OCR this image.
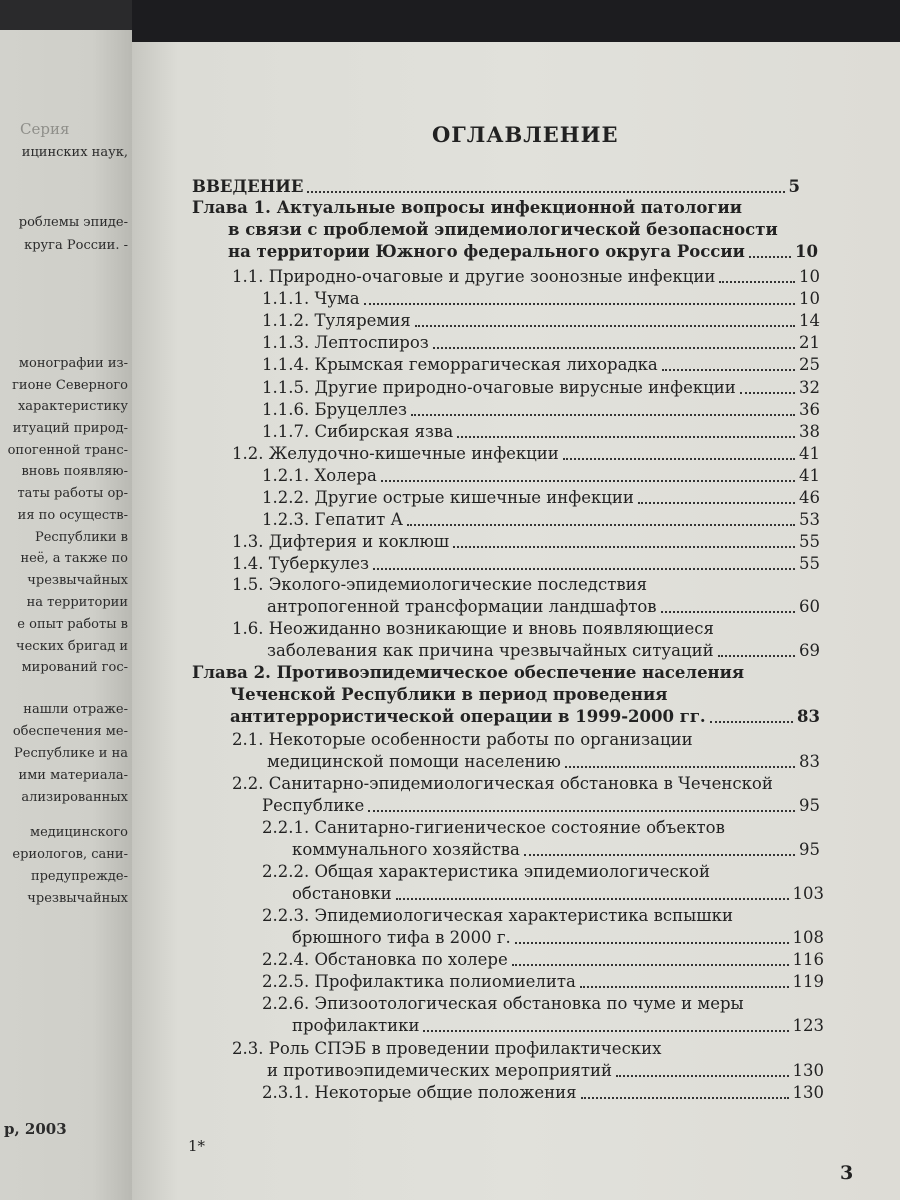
Серия
ицинских наук,
роблемы эпиде-
круга России. -
монографии из-
гионе Северного
характеристику
итуаций природ-
опогенной транс-
вновь появляю-
таты работы ор-
ия по осуществ-
Республики в
неё, а также по
чрезвычайных
на территории
е опыт работы в
ческих бригад и
мирований гос-
нашли отраже-
обеспечения ме-
Республике и на
ими материала-
ализированных
медицинского
ериологов, сани-
предупрежде-
чрезвычайных
р, 2003
ОГЛАВЛЕНИЕ
ВВЕДЕНИЕ	5
Глава 1. Актуальные вопросы инфекционной патологии
в связи с проблемой эпидемиологической безопасности
на территории Южного федерального округа России	10
1.1. Природно-очаговые и другие зоонозные инфекции	10
1.1.1. Чума	10
1.1.2. Туляремия	14
1.1.3. Лептоспироз	21
1.1.4. Крымская геморрагическая лихорадка	25
1.1.5. Другие природно-очаговые вирусные инфекции	32
1.1.6. Бруцеллез	36
1.1.7. Сибирская язва	38
1.2. Желудочно-кишечные инфекции	41
1.2.1. Холера	41
1.2.2. Другие острые кишечные инфекции	46
1.2.3. Гепатит А	53
1.3. Дифтерия и коклюш	55
1.4. Туберкулез	55
1.5. Эколого-эпидемиологические последствия
антропогенной трансформации ландшафтов	60
1.6. Неожиданно возникающие и вновь появляющиеся
заболевания как причина чрезвычайных ситуаций	69
Глава 2. Противоэпидемическое обеспечение населения
Чеченской Республики в период проведения
антитеррористической операции в 1999-2000 гг.	83
2.1. Некоторые особенности работы по организации
медицинской помощи населению	83
2.2. Санитарно-эпидемиологическая обстановка в Чеченской
Республике	95
2.2.1. Санитарно-гигиеническое состояние объектов
коммунального хозяйства	95
2.2.2. Общая характеристика эпидемиологической
обстановки	103
2.2.3. Эпидемиологическая характеристика вспышки
брюшного тифа в 2000 г.	108
2.2.4. Обстановка по холере	116
2.2.5. Профилактика полиомиелита	119
2.2.6. Эпизоотологическая обстановка по чуме и меры
профилактики	123
2.3. Роль СПЭБ в проведении профилактических
и противоэпидемических мероприятий	130
2.3.1. Некоторые общие положения	130
1*
3
